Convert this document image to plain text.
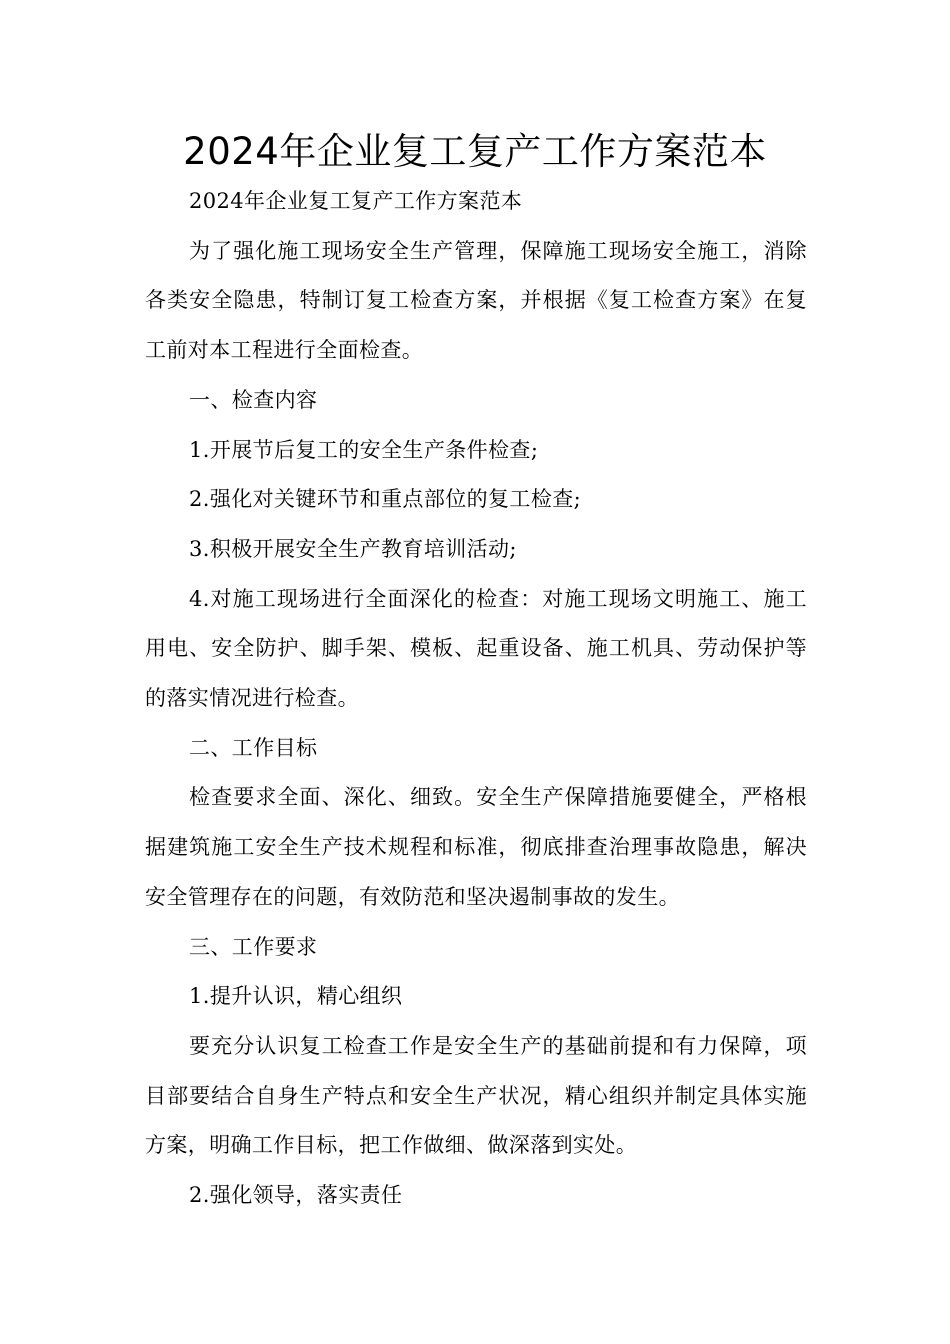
2024年企业复工复产工作方案范本

2024年企业复工复产工作方案范本

为了强化施工现场安全生产管理，保障施工现场安全施工，消除各类安全隐患，特制订复工检查方案，并根据《复工检查方案》在复工前对本工程进行全面检查。

一、检查内容

1.开展节后复工的安全生产条件检查;

2.强化对关键环节和重点部位的复工检查;

3.积极开展安全生产教育培训活动;

4.对施工现场进行全面深化的检查：对施工现场文明施工、施工用电、安全防护、脚手架、模板、起重设备、施工机具、劳动保护等的落实情况进行检查。

二、工作目标

检查要求全面、深化、细致。安全生产保障措施要健全，严格根据建筑施工安全生产技术规程和标准，彻底排查治理事故隐患，解决安全管理存在的问题，有效防范和坚决遏制事故的发生。

三、工作要求

1.提升认识，精心组织

要充分认识复工检查工作是安全生产的基础前提和有力保障，项目部要结合自身生产特点和安全生产状况，精心组织并制定具体实施方案，明确工作目标，把工作做细、做深落到实处。

2.强化领导，落实责任
